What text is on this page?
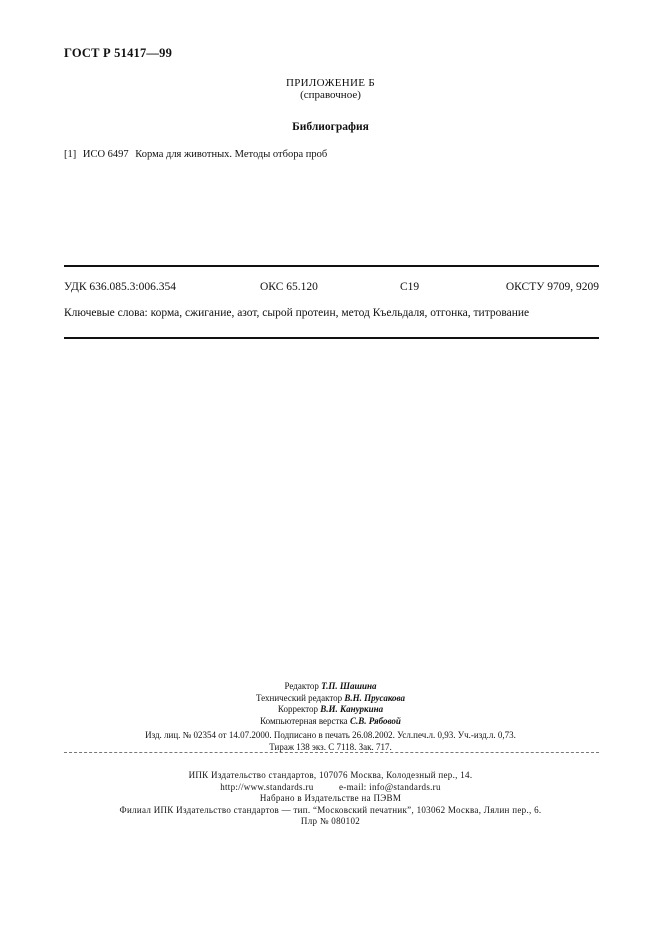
ГОСТ Р 51417—99
ПРИЛОЖЕНИЕ Б
(справочное)
Библиография
[1] ИСО 6497 Корма для животных. Методы отбора проб
УДК 636.085.3:006.354	ОКС 65.120	С19	ОКСТУ 9709, 9209
Ключевые слова: корма, сжигание, азот, сырой протеин, метод Къельдаля, отгонка, титрование
Редактор Т.П. Шашина
Технический редактор В.Н. Прусакова
Корректор В.И. Кануркина
Компьютерная верстка С.В. Рябовой
Изд. лиц. № 02354 от 14.07.2000. Подписано в печать 26.08.2002. Усл.печ.л. 0,93. Уч.-изд.л. 0,73.
Тираж 138 экз. С 7118. Зак. 717.
ИПК Издательство стандартов, 107076 Москва, Колодезный пер., 14.
http://www.standards.ru          e-mail: info@standards.ru
Набрано в Издательстве на ПЭВМ
Филиал ИПК Издательство стандартов — тип. “Московский печатник”, 103062 Москва, Лялин пер., 6.
Плр № 080102
